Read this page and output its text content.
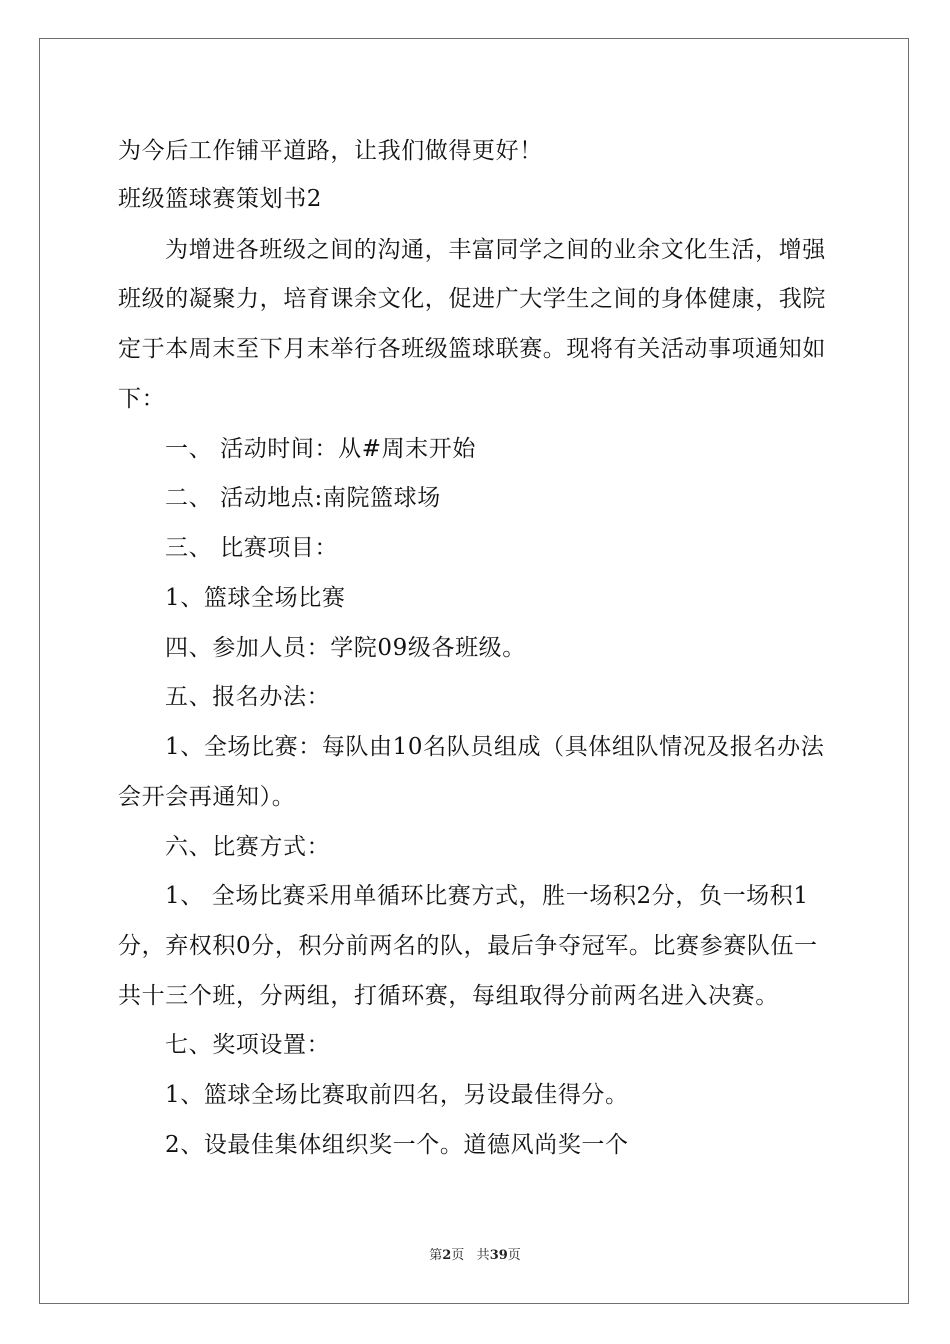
为今后工作铺平道路，让我们做得更好！
班级篮球赛策划书2
为增进各班级之间的沟通，丰富同学之间的业余文化生活，增强
班级的凝聚力，培育课余文化，促进广大学生之间的身体健康，我院
定于本周末至下月末举行各班级篮球联赛。现将有关活动事项通知如
下：
一、 活动时间：从#周末开始
二、 活动地点:南院篮球场
三、 比赛项目：
1、篮球全场比赛
四、参加人员：学院09级各班级。
五、报名办法：
1、全场比赛：每队由10名队员组成（具体组队情况及报名办法
会开会再通知）。
六、比赛方式：
1、 全场比赛采用单循环比赛方式，胜一场积2分，负一场积1
分，弃权积0分，积分前两名的队，最后争夺冠军。比赛参赛队伍一
共十三个班，分两组，打循环赛，每组取得分前两名进入决赛。
七、奖项设置：
1、篮球全场比赛取前四名，另设最佳得分。
2、设最佳集体组织奖一个。道德风尚奖一个
第2页 共39页
